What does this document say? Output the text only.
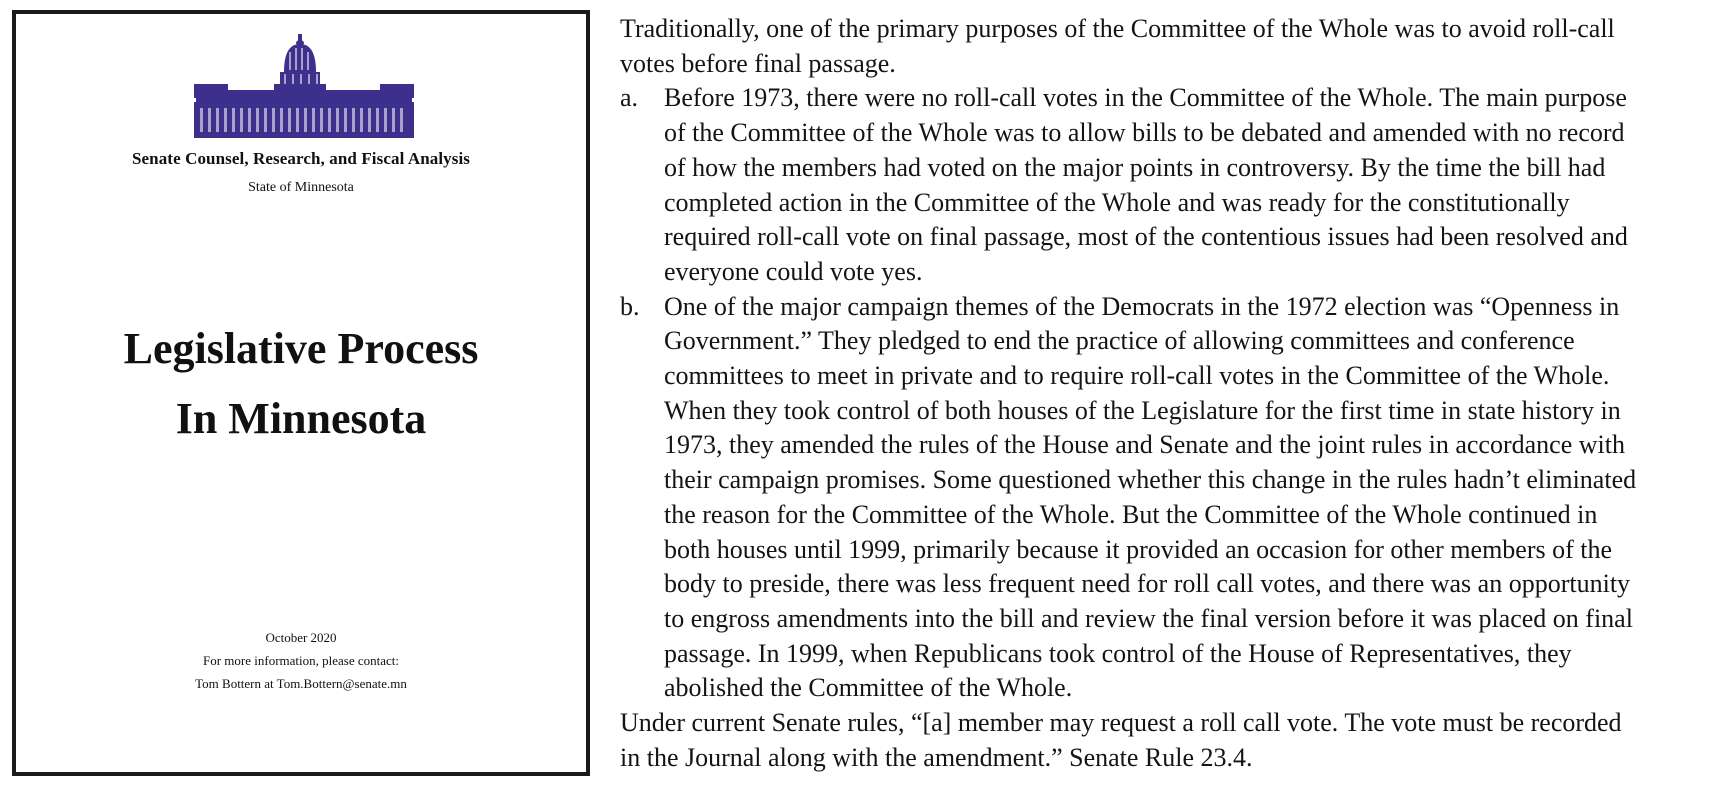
Senate Counsel, Research, and Fiscal Analysis
State of Minnesota
Legislative Process
In Minnesota
October 2020
For more information, please contact:
Tom Bottern at Tom.Bottern@senate.mn

Traditionally, one of the primary purposes of the Committee of the Whole was to avoid roll-call
votes before final passage.

a. Before 1973, there were no roll-call votes in the Committee of the Whole. The main purpose
of the Committee of the Whole was to allow bills to be debated and amended with no record
of how the members had voted on the major points in controversy. By the time the bill had
completed action in the Committee of the Whole and was ready for the constitutionally
required roll-call vote on final passage, most of the contentious issues had been resolved and
everyone could vote yes.
b. One of the major campaign themes of the Democrats in the 1972 election was “Openness in
Government.” They pledged to end the practice of allowing committees and conference
committees to meet in private and to require roll-call votes in the Committee of the Whole.
When they took control of both houses of the Legislature for the first time in state history in
1973, they amended the rules of the House and Senate and the joint rules in accordance with
their campaign promises. Some questioned whether this change in the rules hadn’t eliminated
the reason for the Committee of the Whole. But the Committee of the Whole continued in
both houses until 1999, primarily because it provided an occasion for other members of the
body to preside, there was less frequent need for roll call votes, and there was an opportunity
to engross amendments into the bill and review the final version before it was placed on final
passage. In 1999, when Republicans took control of the House of Representatives, they
abolished the Committee of the Whole.

Under current Senate rules, “[a] member may request a roll call vote. The vote must be recorded
in the Journal along with the amendment.” Senate Rule 23.4.
